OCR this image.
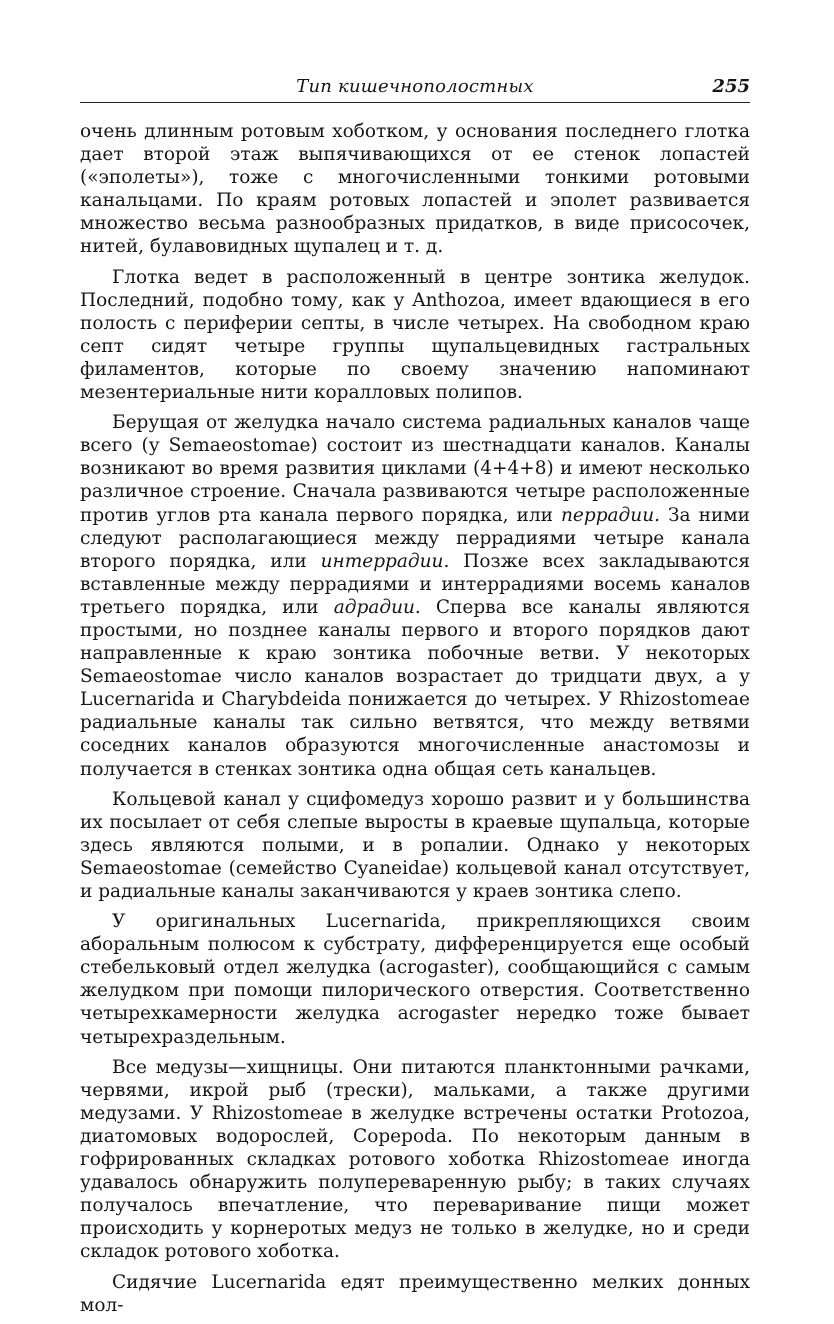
Тип кишечнополостных	255

очень длинным ротовым хоботком, у основания последнего глотка дает второй этаж выпячивающихся от ее стенок лопастей («эполеты»), тоже с многочисленными тонкими ротовыми канальцами. По краям ротовых лопастей и эполет развивается множество весьма разнообразных придатков, в виде присосочек, нитей, булавовидных щупалец и т. д.

Глотка ведет в расположенный в центре зонтика желудок. Последний, подобно тому, как у Anthozoa, имеет вдающиеся в его полость с периферии септы, в числе четырех. На свободном краю септ сидят четыре группы щупальцевидных гастральных филаментов, которые по своему значению напоминают мезентериальные нити коралловых полипов.

Берущая от желудка начало система радиальных каналов чаще всего (у Semaeostomae) состоит из шестнадцати каналов. Каналы возникают во время развития циклами (4+4+8) и имеют несколько различное строение. Сначала развиваются четыре расположенные против углов рта канала первого порядка, или перрадии. За ними следуют располагающиеся между перрадиями четыре канала второго порядка, или интеррадии. Позже всех закладываются вставленные между перрадиями и интеррадиями восемь каналов третьего порядка, или адрадии. Сперва все каналы являются простыми, но позднее каналы первого и второго порядков дают направленные к краю зонтика побочные ветви. У некоторых Semaeostomae число каналов возрастает до тридцати двух, а у Lucernarida и Charybdeida понижается до четырех. У Rhizostomeae радиальные каналы так сильно ветвятся, что между ветвями соседних каналов образуются многочисленные анастомозы и получается в стенках зонтика одна общая сеть канальцев.

Кольцевой канал у сцифомедуз хорошо развит и у большинства их посылает от себя слепые выросты в краевые щупальца, которые здесь являются полыми, и в ропалии. Однако у некоторых Semaeostomae (семейство Cyaneidae) кольцевой канал отсутствует, и радиальные каналы заканчиваются у краев зонтика слепо.

У оригинальных Lucernarida, прикрепляющихся своим аборальным полюсом к субстрату, дифференцируется еще особый стебельковый отдел желудка (acrogaster), сообщающийся с самым желудком при помощи пилорического отверстия. Соответственно четырехкамерности желудка acrogaster нередко тоже бывает четырехраздельным.

Все медузы—хищницы. Они питаются планктонными рачками, червями, икрой рыб (трески), мальками, а также другими медузами. У Rhizostomeae в желудке встречены остатки Protozoa, диатомовых водорослей, Copepoda. По некоторым данным в гофрированных складках ротового хоботка Rhizostomeae иногда удавалось обнаружить полупереваренную рыбу; в таких случаях получалось впечатление, что переваривание пищи может происходить у корнеротых медуз не только в желудке, но и среди складок ротового хоботка.

Сидячие Lucernarida едят преимущественно мелких донных мол-
